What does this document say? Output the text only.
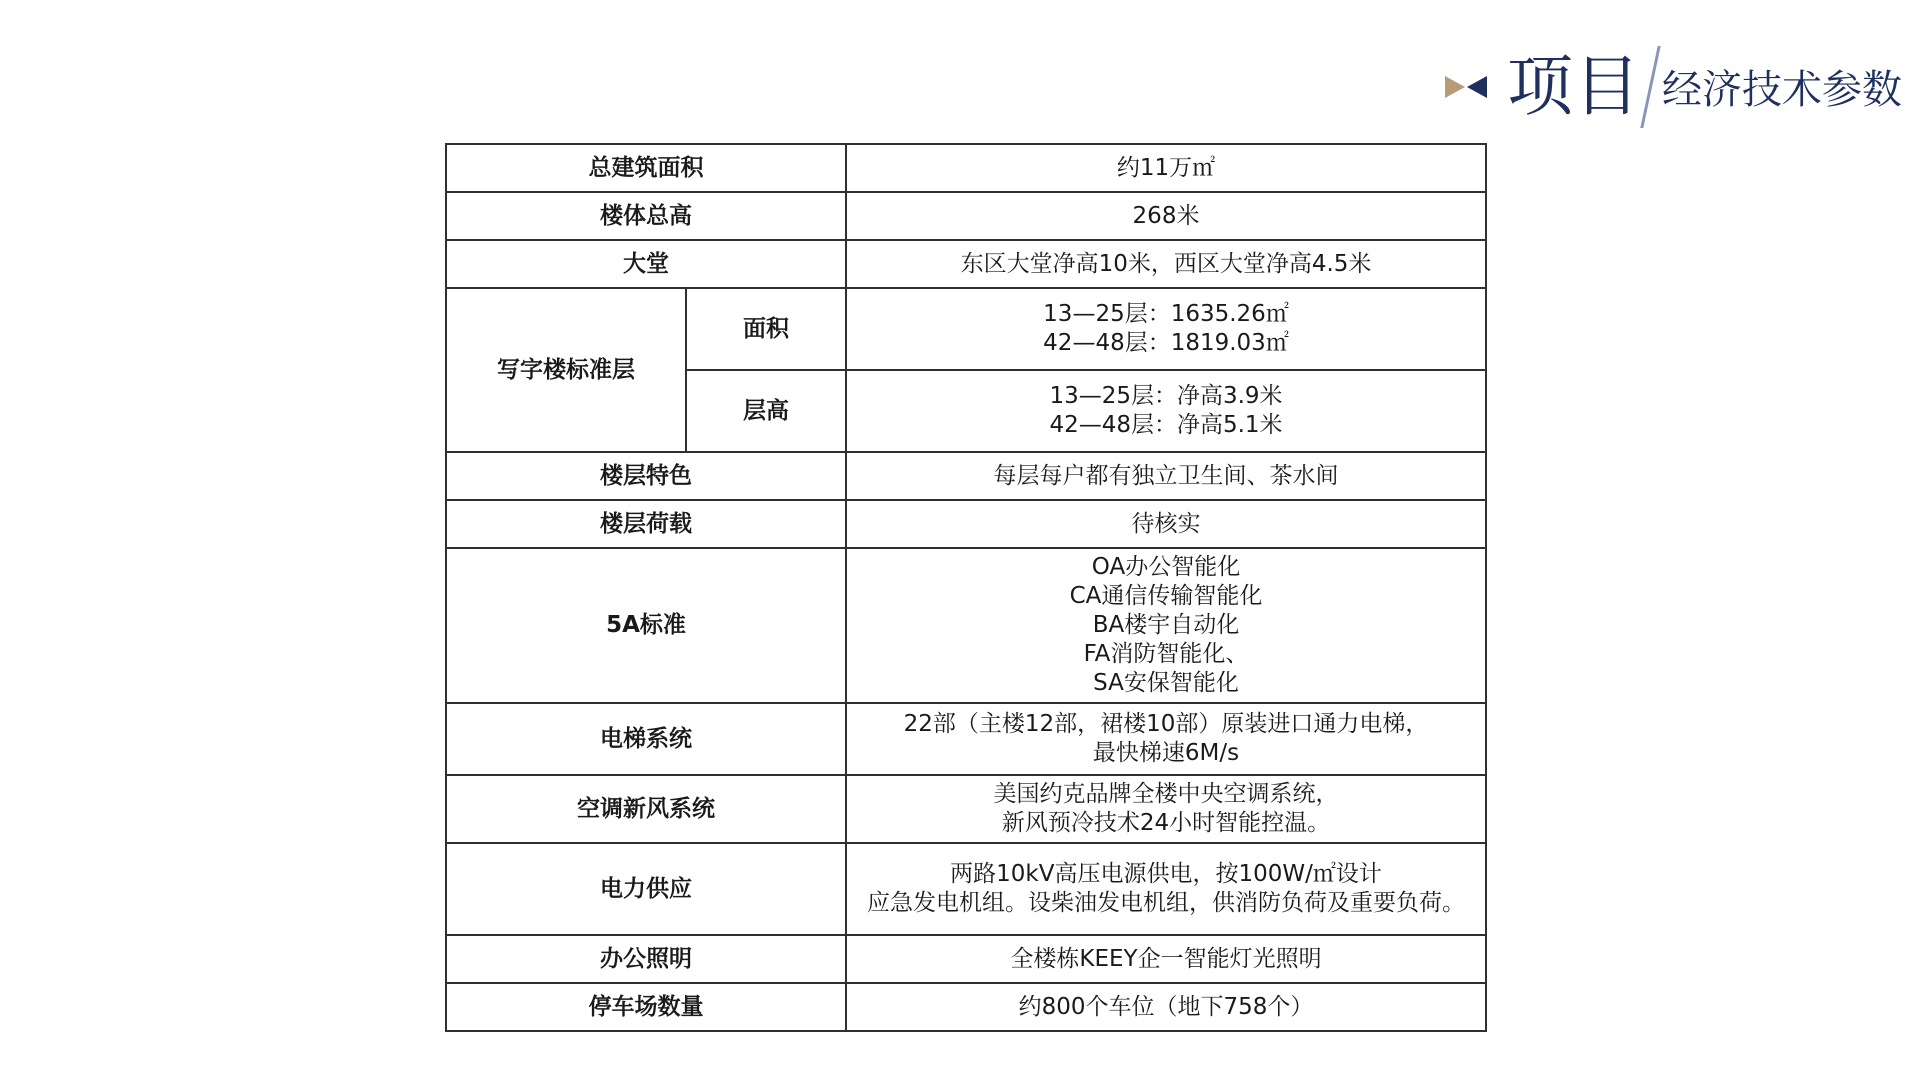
项目 经济技术参数
总建筑面积		约11万㎡
楼体总高		268米
大堂		东区大堂净高10米，西区大堂净高4.5米
写字楼标准层	面积	13—25层：1635.26㎡
42—48层：1819.03㎡
	层高	13—25层：净高3.9米
42—48层：净高5.1米
楼层特色		每层每户都有独立卫生间、茶水间
楼层荷载		待核实
5A标准		OA办公智能化
CA通信传输智能化
BA楼宇自动化
FA消防智能化、
SA安保智能化
电梯系统		22部（主楼12部，裙楼10部）原装进口通力电梯，
最快梯速6M/s
空调新风系统		美国约克品牌全楼中央空调系统，
新风预冷技术24小时智能控温。
电力供应		两路10kV高压电源供电，按100W/㎡设计
应急发电机组。设柴油发电机组，供消防负荷及重要负荷。
办公照明		全楼栋KEEY企一智能灯光照明
停车场数量		约800个车位（地下758个）
